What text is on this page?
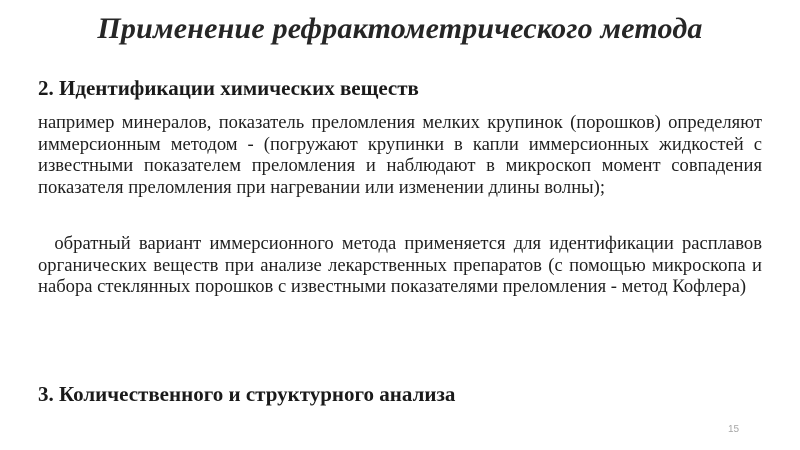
Применение рефрактометрического метода
2. Идентификации химических веществ
например минералов, показатель преломления мелких крупинок (порошков) определяют иммерсионным методом - (погружают крупинки в капли иммерсионных жидкостей с известными показателем преломления и наблюдают в микроскоп момент совпадения показателя преломления при нагревании или изменении длины волны);
обратный вариант иммерсионного метода применяется для идентификации расплавов органических веществ при анализе лекарственных препаратов (с помощью микроскопа и набора стеклянных порошков с известными показателями преломления - метод Кофлера)
3. Количественного и структурного анализа
15
